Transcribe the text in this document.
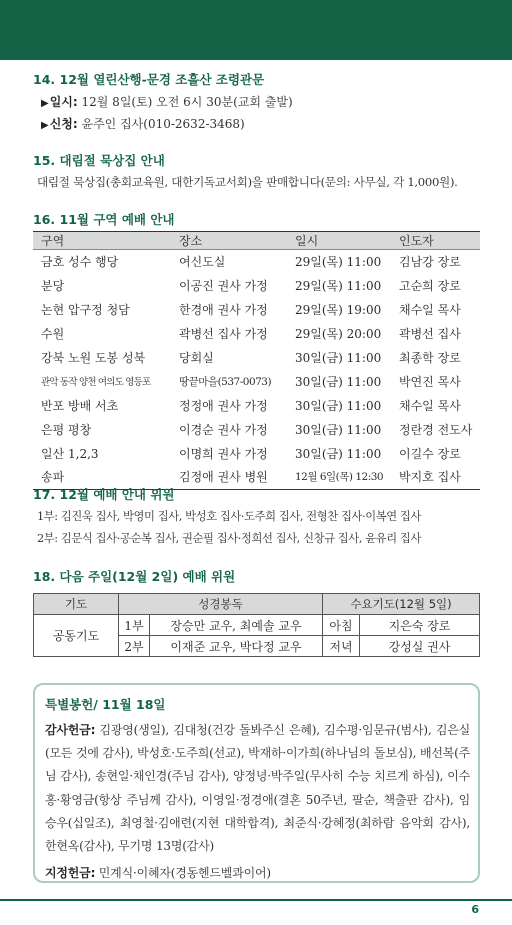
14. 12월 열린산행-문경 조흘산 조령관문
▶일시: 12월 8일(토) 오전 6시 30분(교회 출발)
▶신청: 윤주인 집사(010-2632-3468)
15. 대림절 묵상집 안내
대림절 묵상집(총회교육원, 대한기독교서회)을 판매합니다(문의: 사무실, 각 1,000원).
16. 11월 구역 예배 안내
구역	장소	일시	인도자
금호 성수 행당	여신도실	29일(목) 11:00	김남강 장로
분당	이공진 권사 가정	29일(목) 11:00	고순희 장로
논현 압구정 청담	한경애 권사 가정	29일(목) 19:00	채수일 목사
수원	곽병선 집사 가정	29일(목) 20:00	곽병선 집사
강북 노원 도봉 성북	당회실	30일(금) 11:00	최종학 장로
관악 동작 양천 여의도 영등포	땅끝마을(537-0073)	30일(금) 11:00	박연진 목사
반포 방배 서초	정정애 권사 가정	30일(금) 11:00	채수일 목사
은평 평창	이경순 권사 가정	30일(금) 11:00	정란경 전도사
일산 1,2,3	이명희 권사 가정	30일(금) 11:00	이길수 장로
송파	김정애 권사 병원	12월 6일(목) 12:30	박지호 집사
17. 12월 예배 안내 위원
1부: 김진욱 집사, 박영미 집사, 박성호 집사·도주희 집사, 전형찬 집사·이복연 집사
2부: 김문식 집사·공순복 집사, 권순필 집사·정희선 집사, 신창규 집사, 윤유리 집사
18. 다음 주일(12월 2일) 예배 위원
기도	성경봉독		수요기도(12월 5일)	
공동기도	1부	장승만 교우, 최예솔 교우	아침	지은숙 장로
	2부	이재준 교우, 박다정 교우	저녁	강성실 권사
특별봉헌/ 11월 18일
감사헌금: 김광영(생일), 김대청(건강 돌봐주신 은혜), 김수평·임문규(범사), 김은실(모든 것에 감사), 박성호·도주희(선교), 박재하·이가희(하나님의 돌보심), 배선복(주님 감사), 송현일·채인경(주님 감사), 양정녕·박주일(무사히 수능 치르게 하심), 이수홍·황영금(항상 주님께 감사), 이영일·정경애(결혼 50주년, 팔순, 책출판 감사), 임승우(십일조), 최영철·김애련(지현 대학합격), 최준식·강혜정(최하람 음악회 감사), 한현옥(감사), 무기명 13명(감사)
지정헌금: 민계식·이혜자(경동헨드벨콰이어)
6
